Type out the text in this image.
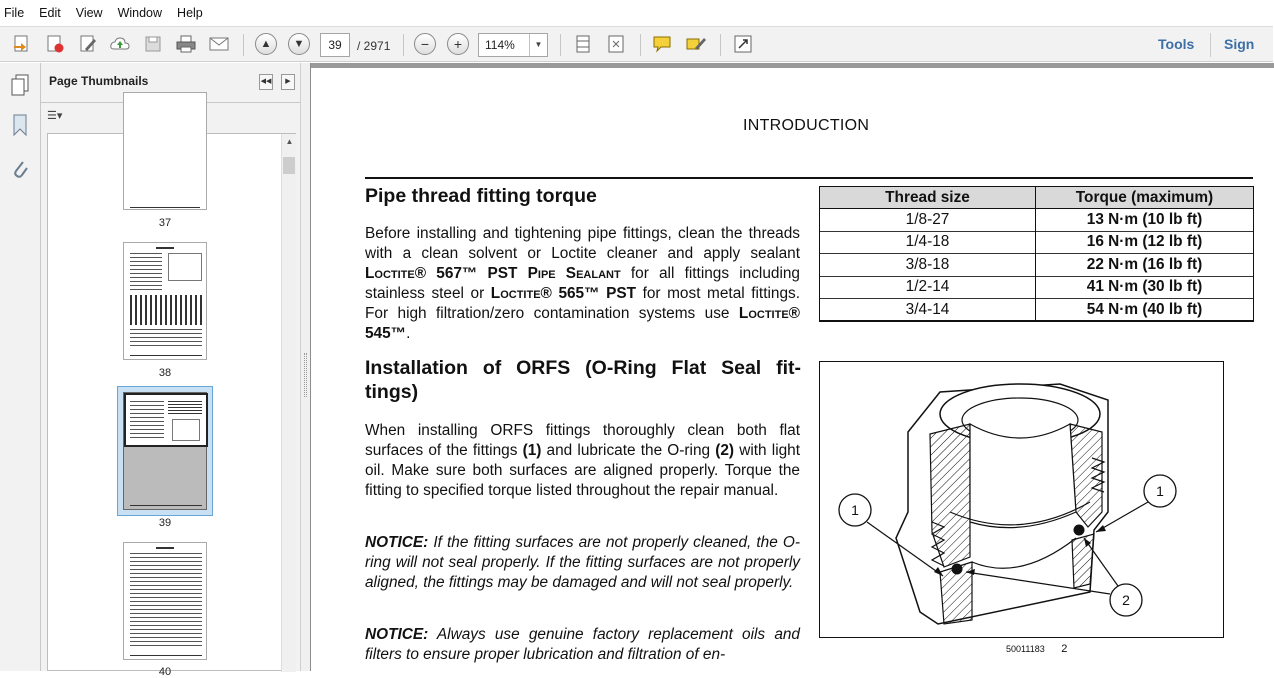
File Edit View Window Help
▲	▼	39	/ 2971	−	+	114%	▼	Tools Sign
Page Thumbnails	◀◀	▶
☰▾
37
38
39
40
▲
INTRODUCTION
Pipe thread fitting torque
Before installing and tightening pipe fittings, clean the threads with a clean solvent or Loctite cleaner and apply sealant Loctite® 567™ PST Pipe Sealant for all fittings including stainless steel or Loctite® 565™ PST for most metal fittings. For high filtration/zero contamination systems use Loctite® 545™.
Thread size	Torque (maximum)
1/8-27	13 N·m (10 lb ft)
1/4-18	16 N·m (12 lb ft)
3/8-18	22 N·m (16 lb ft)
1/2-14	41 N·m (30 lb ft)
3/4-14	54 N·m (40 lb ft)
Installation of ORFS (O-Ring Flat Seal fit-
tings)
When installing ORFS fittings thoroughly clean both flat surfaces of the fittings (1) and lubricate the O-ring (2) with light oil. Make sure both surfaces are aligned properly. Torque the fitting to specified torque listed throughout the repair manual.
NOTICE: If the fitting surfaces are not properly cleaned, the O-ring will not seal properly. If the fitting surfaces are not properly aligned, the fittings may be damaged and will not seal properly.
NOTICE: Always use genuine factory replacement oils and filters to ensure proper lubrication and filtration of en-
1
1
2
50011183 2
